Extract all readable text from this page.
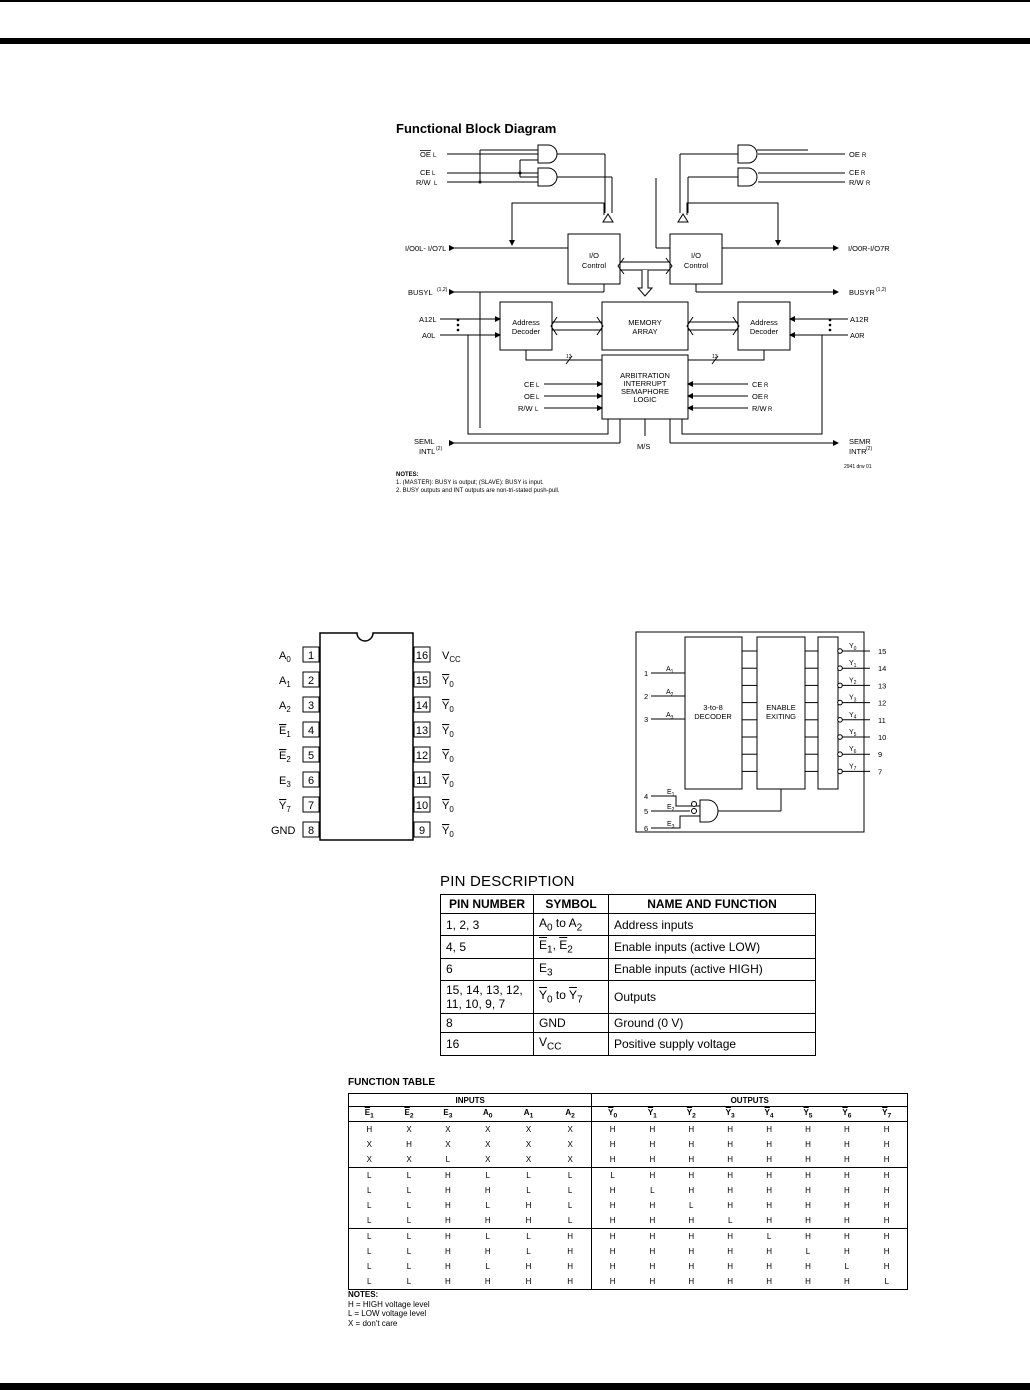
Functional Block Diagram
OE L
CE L
R/W L
I/O0L- I/O7L
BUSYL (1,2)
A12L
A0L
SEML
INTL (2)
OE R
CE R
R/W R
I/O0R-I/O7R
BUSYR (1,2)
A12R
A0R
SEMR
INTR (2)
I/O
Control
I/O
Control
MEMORY
ARRAY
Address
Decoder
Address
Decoder
ARBITRATION
INTERRUPT
SEMAPHORE
LOGIC
CE L
OE L
R/W L
CE R
OE R
R/W R
13	13
M/S
2941 drw 01
NOTES:
1. (MASTER): BUSY is output; (SLAVE): BUSY is input.
2. BUSY outputs and INT outputs are non-tri-stated push-pull.
1
$A_0$
2
$A_1$
3
$A_2$
4
$E_1$
5
$E_2$
6
$E_3$
7
$Y_7$
8
GND
16 $V_{CC}$
15 $Y_0$
14 $Y_0$
13 $Y_0$
12 $Y_0$
11 $Y_0$
10 $Y_0$
9 $Y_0$
$Y_0$	15
$Y_1$	14
$Y_2$	13
$Y_3$	12
$Y_4$	11
$Y_5$	10
$Y_6$	9
$Y_7$	7
1	$A_1$
2	$A_2$
3	$A_3$
4	$E_1$
5	$E_2$
6	$E_3$
3-to-8
DECODER
ENABLE
EXITING
PIN DESCRIPTION
PIN NUMBER	SYMBOL	NAME AND FUNCTION
1, 2, 3	$A_0$ to $A_2$	Address inputs
4, 5	$\overline{E}_1$, $\overline{E}_2$	Enable inputs (active LOW)
6	$E_3$	Enable inputs (active HIGH)
15, 14, 13, 12, 11, 10, 9, 7	$\overline{Y}_0$ to $\overline{Y}_7$	Outputs
8	GND	Ground (0 V)
16	$V_{CC}$	Positive supply voltage
FUNCTION TABLE
INPUTS						OUTPUTS							
$\overline{E}_1$	$\overline{E}_2$	$E_3$	$A_0$	$A_1$	$A_2$	$\overline{Y}_0$	$\overline{Y}_1$	$\overline{Y}_2$	$\overline{Y}_3$	$\overline{Y}_4$	$\overline{Y}_5$	$\overline{Y}_6$	$\overline{Y}_7$
H	X	X	X	X	X	H	H	H	H	H	H	H	H
X	H	X	X	X	X	H	H	H	H	H	H	H	H
X	X	L	X	X	X	H	H	H	H	H	H	H	H
L	L	H	L	L	L	L	H	H	H	H	H	H	H
L	L	H	H	L	L	H	L	H	H	H	H	H	H
L	L	H	L	H	L	H	H	L	H	H	H	H	H
L	L	H	H	H	L	H	H	H	L	H	H	H	H
L	L	H	L	L	H	H	H	H	H	L	H	H	H
L	L	H	H	L	H	H	H	H	H	H	L	H	H
L	L	H	L	H	H	H	H	H	H	H	H	L	H
L	L	H	H	H	H	H	H	H	H	H	H	H	L
NOTES:
H = HIGH voltage level
L = LOW voltage level
X = don't care
